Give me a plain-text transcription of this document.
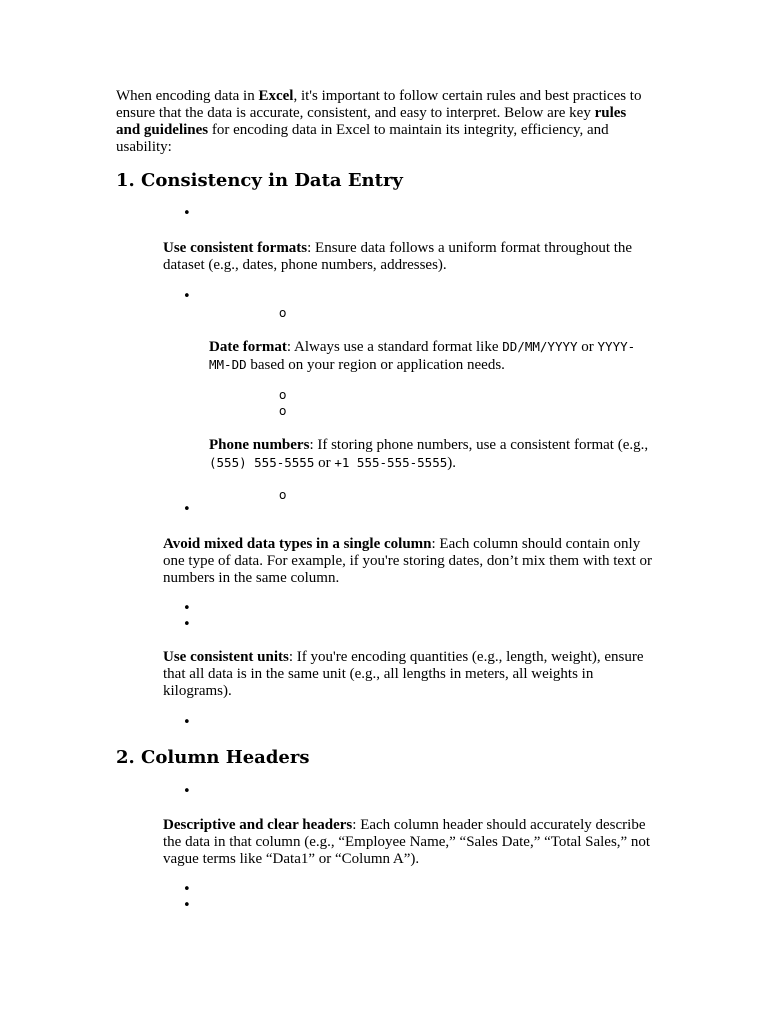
When encoding data in Excel, it's important to follow certain rules and best practices to ensure that the data is accurate, consistent, and easy to interpret. Below are key rules and guidelines for encoding data in Excel to maintain its integrity, efficiency, and usability:

1. Consistency in Data Entry
•

Use consistent formats: Ensure data follows a uniform format throughout the dataset (e.g., dates, phone numbers, addresses).

•
o

Date format: Always use a standard format like DD/MM/YYYY or YYYY-MM-DD based on your region or application needs.

o
o

Phone numbers: If storing phone numbers, use a consistent format (e.g., (555) 555-5555 or +1 555-555-5555).

o
•

Avoid mixed data types in a single column: Each column should contain only one type of data. For example, if you're storing dates, don’t mix them with text or numbers in the same column.

•
•

Use consistent units: If you're encoding quantities (e.g., length, weight), ensure that all data is in the same unit (e.g., all lengths in meters, all weights in kilograms).

•
2. Column Headers
•

Descriptive and clear headers: Each column header should accurately describe the data in that column (e.g., “Employee Name,” “Sales Date,” “Total Sales,” not vague terms like “Data1” or “Column A”).

•
•
